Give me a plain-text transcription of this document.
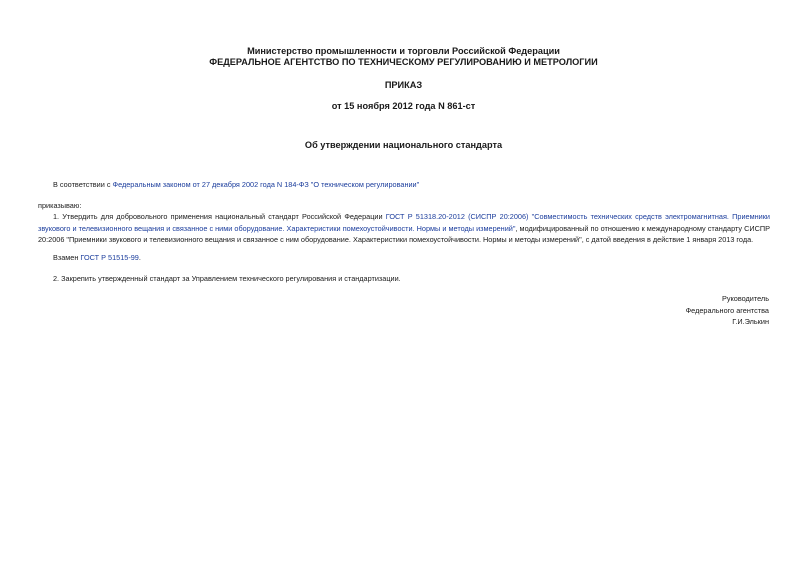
Министерство промышленности и торговли Российской Федерации
ФЕДЕРАЛЬНОЕ АГЕНТСТВО ПО ТЕХНИЧЕСКОМУ РЕГУЛИРОВАНИЮ И МЕТРОЛОГИИ
ПРИКАЗ
от 15 ноября 2012 года N 861-ст
Об утверждении национального стандарта
В соответствии с Федеральным законом от 27 декабря 2002 года N 184-ФЗ "О техническом регулировании"
приказываю:
1. Утвердить для добровольного применения национальный стандарт Российской Федерации ГОСТ Р 51318.20-2012 (СИСПР 20:2006) "Совместимость технических средств электромагнитная. Приемники звукового и телевизионного вещания и связанное с ними оборудование. Характеристики помехоустойчивости. Нормы и методы измерений", модифицированный по отношению к международному стандарту СИСПР 20:2006 "Приемники звукового и телевизионного вещания и связанное с ним оборудование. Характеристики помехоустойчивости. Нормы и методы измерений", с датой введения в действие 1 января 2013 года.
Взамен ГОСТ Р 51515-99.
2. Закрепить утвержденный стандарт за Управлением технического регулирования и стандартизации.
Руководитель
Федерального агентства
Г.И.Элькин
